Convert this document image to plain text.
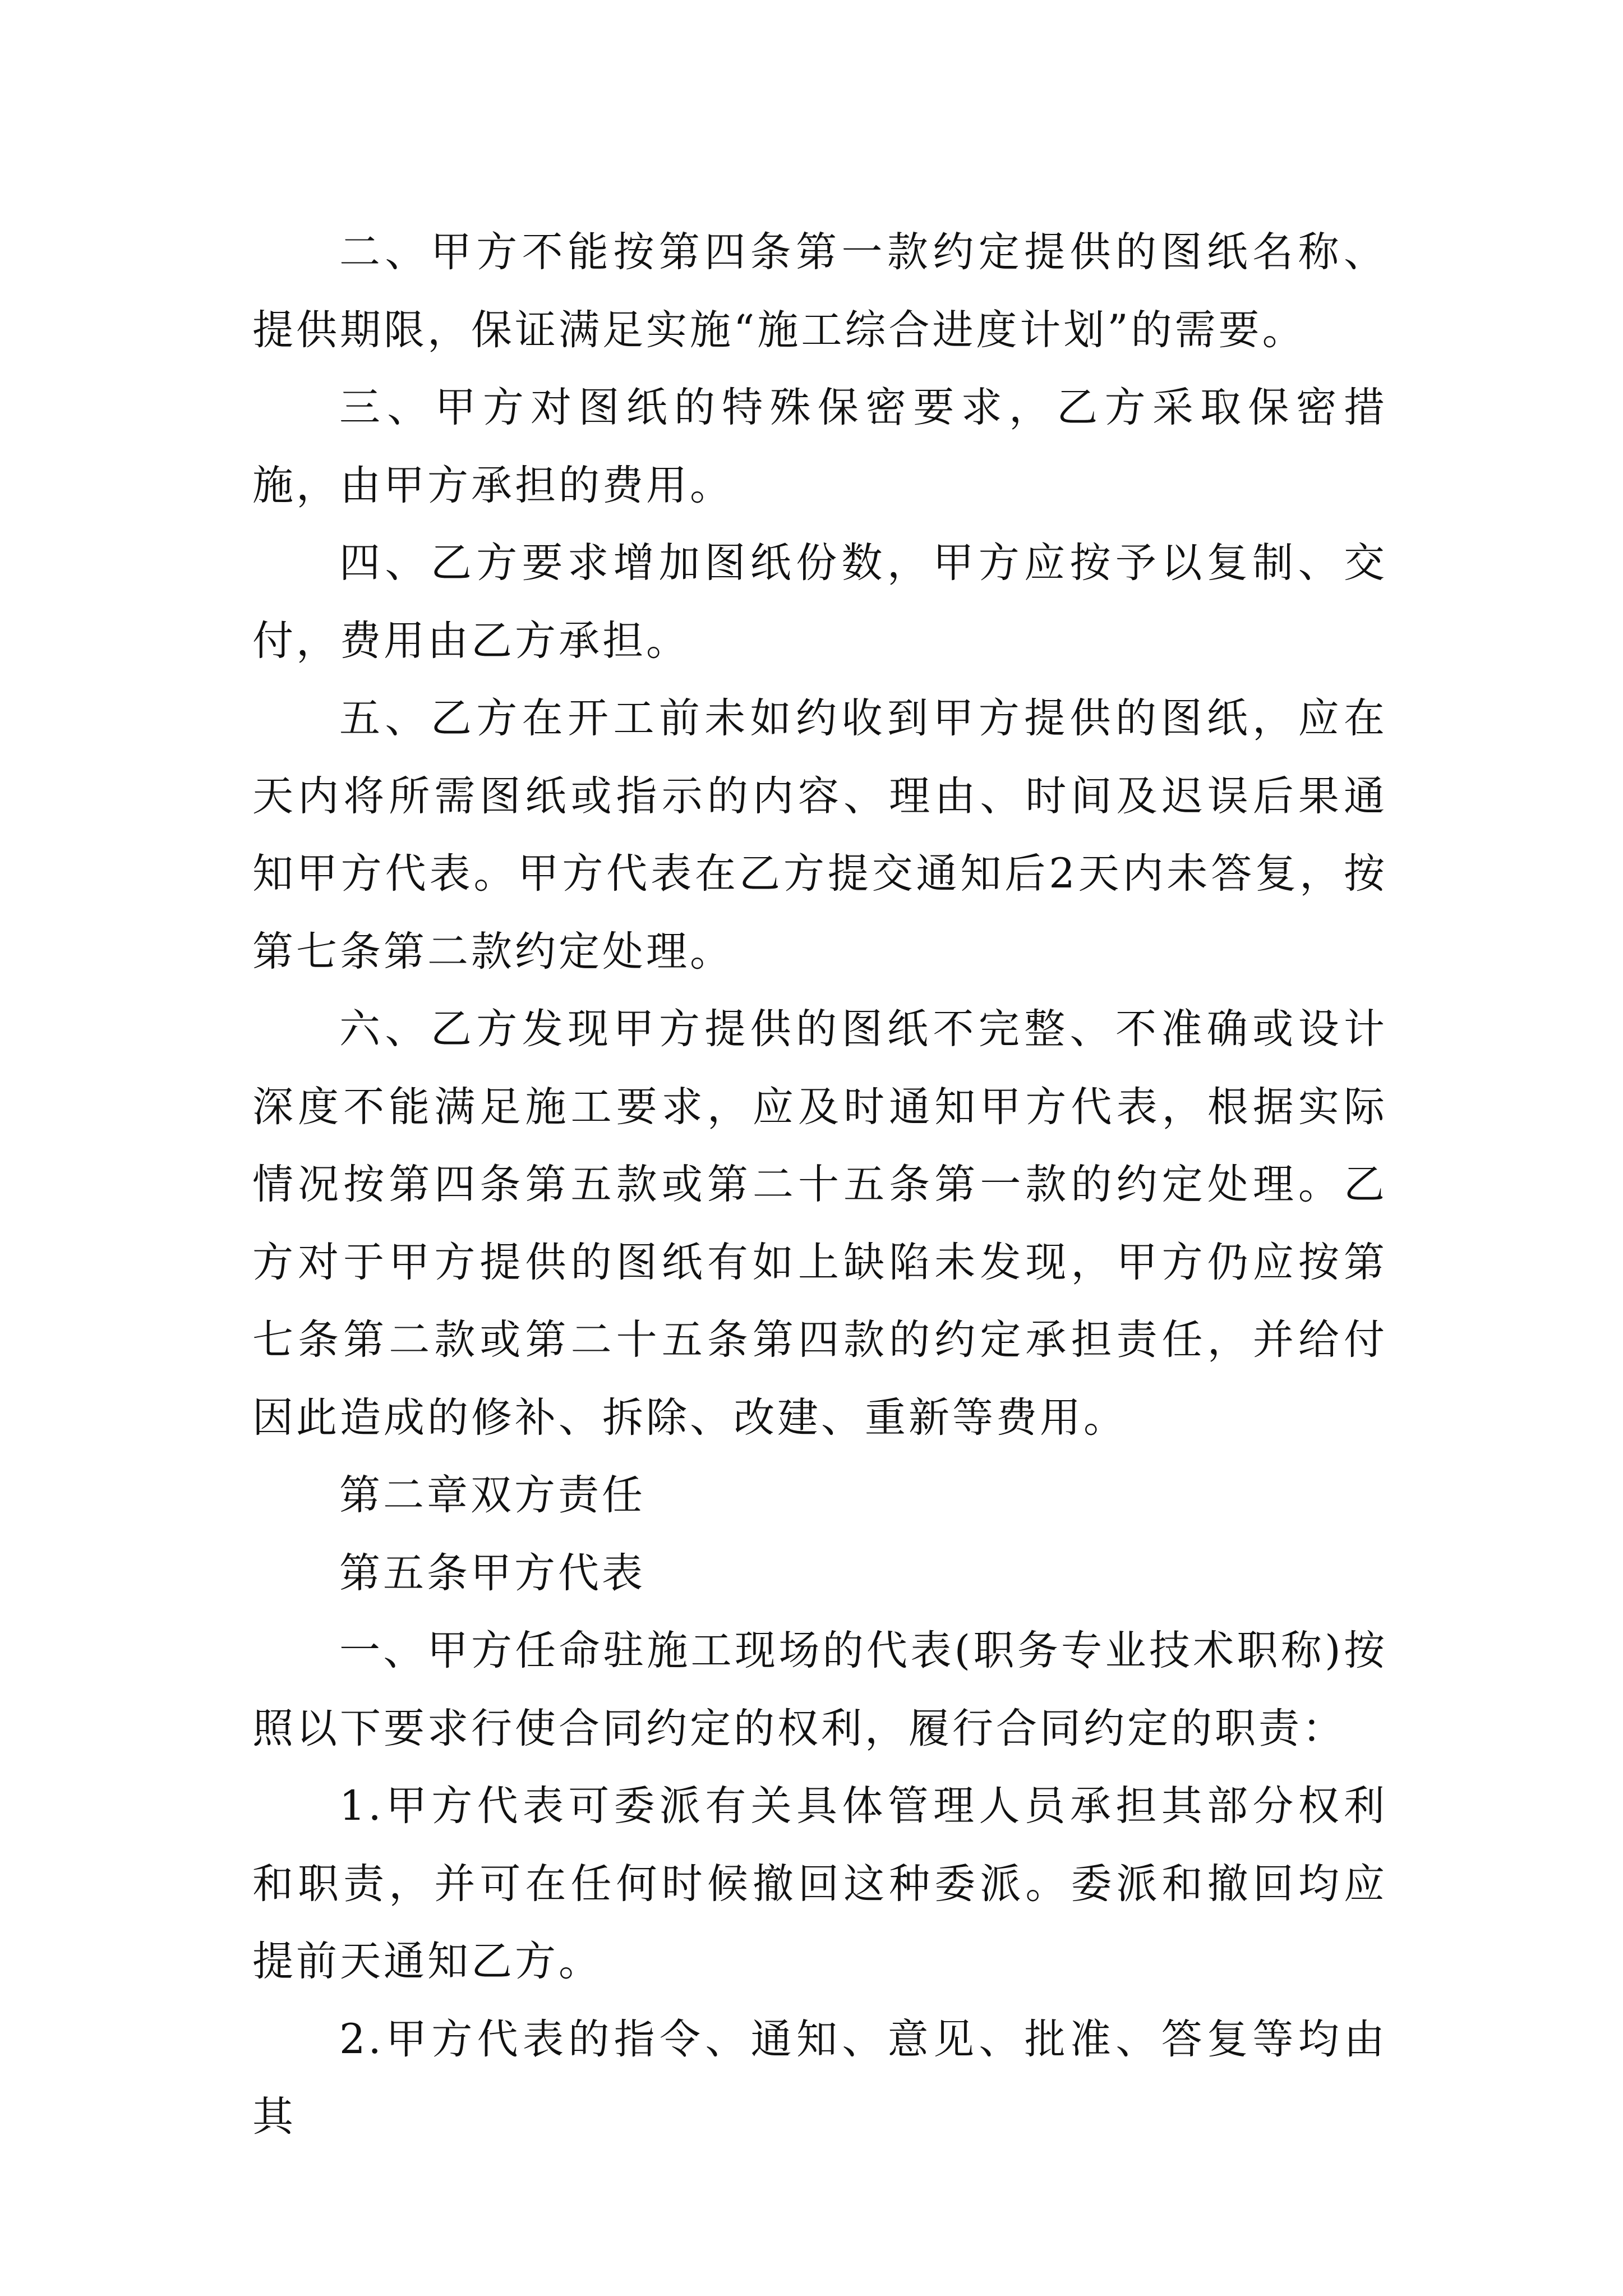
二、甲方不能按第四条第一款约定提供的图纸名称、提供期限，保证满足实施“施工综合进度计划”的需要。

三、甲方对图纸的特殊保密要求，乙方采取保密措施，由甲方承担的费用。

四、乙方要求增加图纸份数，甲方应按予以复制、交付，费用由乙方承担。

五、乙方在开工前未如约收到甲方提供的图纸，应在天内将所需图纸或指示的内容、理由、时间及迟误后果通知甲方代表。甲方代表在乙方提交通知后2天内未答复，按第七条第二款约定处理。

六、乙方发现甲方提供的图纸不完整、不准确或设计深度不能满足施工要求，应及时通知甲方代表，根据实际情况按第四条第五款或第二十五条第一款的约定处理。乙方对于甲方提供的图纸有如上缺陷未发现，甲方仍应按第七条第二款或第二十五条第四款的约定承担责任，并给付因此造成的修补、拆除、改建、重新等费用。

第二章双方责任

第五条甲方代表

一、甲方任命驻施工现场的代表(职务专业技术职称)按照以下要求行使合同约定的权利，履行合同约定的职责：

1.甲方代表可委派有关具体管理人员承担其部分权利和职责，并可在任何时候撤回这种委派。委派和撤回均应提前天通知乙方。

2.甲方代表的指令、通知、意见、批准、答复等均由其
